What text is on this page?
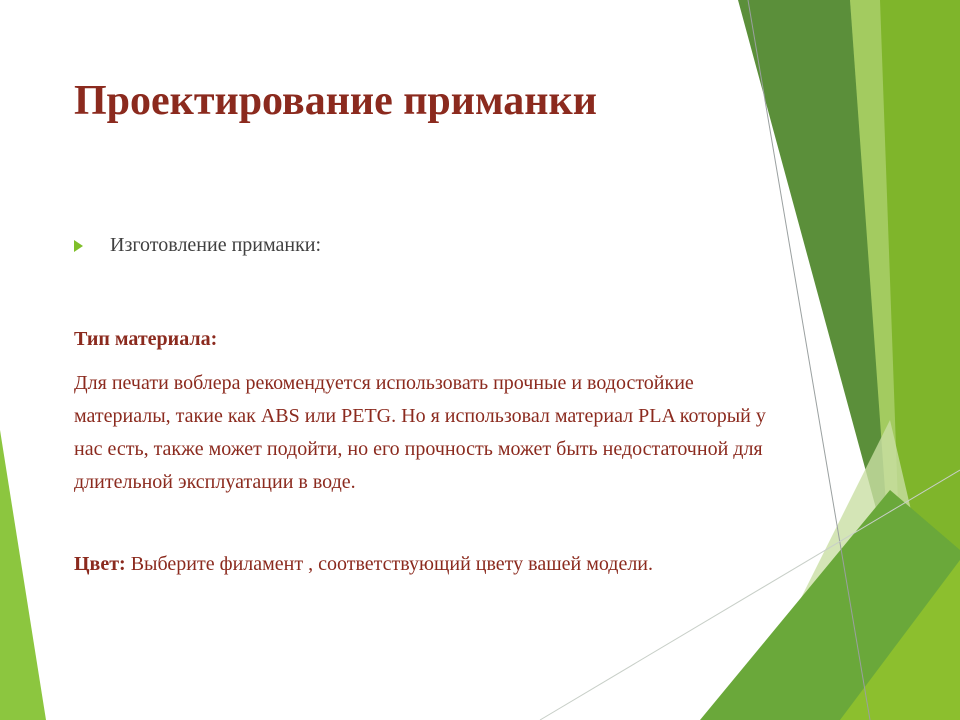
Проектирование приманки
Изготовление приманки:
Тип материала:
Для печати воблера рекомендуется использовать прочные и водостойкие материалы, такие как ABS или PETG. Но я использовал материал PLA который у нас есть, также может подойти, но его прочность может быть недостаточной для длительной эксплуатации в воде.
Цвет: Выберите филамент , соответствующий цвету вашей модели.
